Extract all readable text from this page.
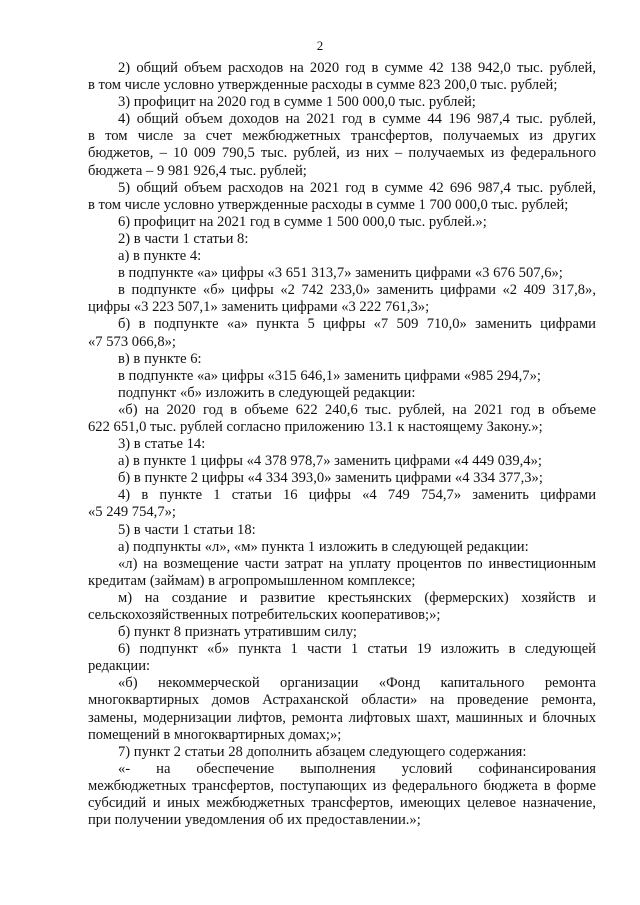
2
2) общий объем расходов на 2020 год в сумме 42 138 942,0 тыс. рублей,
в том числе условно утвержденные расходы в сумме 823 200,0 тыс. рублей;
3) профицит на 2020 год в сумме 1 500 000,0 тыс. рублей;
4) общий объем доходов на 2021 год в сумме 44 196 987,4 тыс. рублей,
в том числе за счет межбюджетных трансфертов, получаемых из других
бюджетов, – 10 009 790,5 тыс. рублей, из них – получаемых из федерального
бюджета – 9 981 926,4 тыс. рублей;
5) общий объем расходов на 2021 год в сумме 42 696 987,4 тыс. рублей,
в том числе условно утвержденные расходы в сумме 1 700 000,0 тыс. рублей;
6) профицит на 2021 год в сумме 1 500 000,0 тыс. рублей.»;
2) в части 1 статьи 8:
а) в пункте 4:
в подпункте «а» цифры «3 651 313,7» заменить цифрами «3 676 507,6»;
в подпункте «б» цифры «2 742 233,0» заменить цифрами «2 409 317,8»,
цифры «3 223 507,1» заменить цифрами «3 222 761,3»;
б) в подпункте «а» пункта 5 цифры «7 509 710,0» заменить цифрами
«7 573 066,8»;
в) в пункте 6:
в подпункте «а» цифры «315 646,1» заменить цифрами «985 294,7»;
подпункт «б» изложить в следующей редакции:
«б) на 2020 год в объеме 622 240,6 тыс. рублей, на 2021 год в объеме
622 651,0 тыс. рублей согласно приложению 13.1 к настоящему Закону.»;
3) в статье 14:
а) в пункте 1 цифры «4 378 978,7» заменить цифрами «4 449 039,4»;
б) в пункте 2 цифры «4 334 393,0» заменить цифрами «4 334 377,3»;
4) в пункте 1 статьи 16 цифры «4 749 754,7» заменить цифрами
«5 249 754,7»;
5) в части 1 статьи 18:
а) подпункты «л», «м» пункта 1 изложить в следующей редакции:
«л) на возмещение части затрат на уплату процентов по инвестиционным
кредитам (займам) в агропромышленном комплексе;
м) на создание и развитие крестьянских (фермерских) хозяйств и
сельскохозяйственных потребительских кооперативов;»;
б) пункт 8 признать утратившим силу;
6) подпункт «б» пункта 1 части 1 статьи 19 изложить в следующей
редакции:
«б) некоммерческой организации «Фонд капитального ремонта
многоквартирных домов Астраханской области» на проведение ремонта,
замены, модернизации лифтов, ремонта лифтовых шахт, машинных и блочных
помещений в многоквартирных домах;»;
7) пункт 2 статьи 28 дополнить абзацем следующего содержания:
«- на обеспечение выполнения условий софинансирования
межбюджетных трансфертов, поступающих из федерального бюджета в форме
субсидий и иных межбюджетных трансфертов, имеющих целевое назначение,
при получении уведомления об их предоставлении.»;
